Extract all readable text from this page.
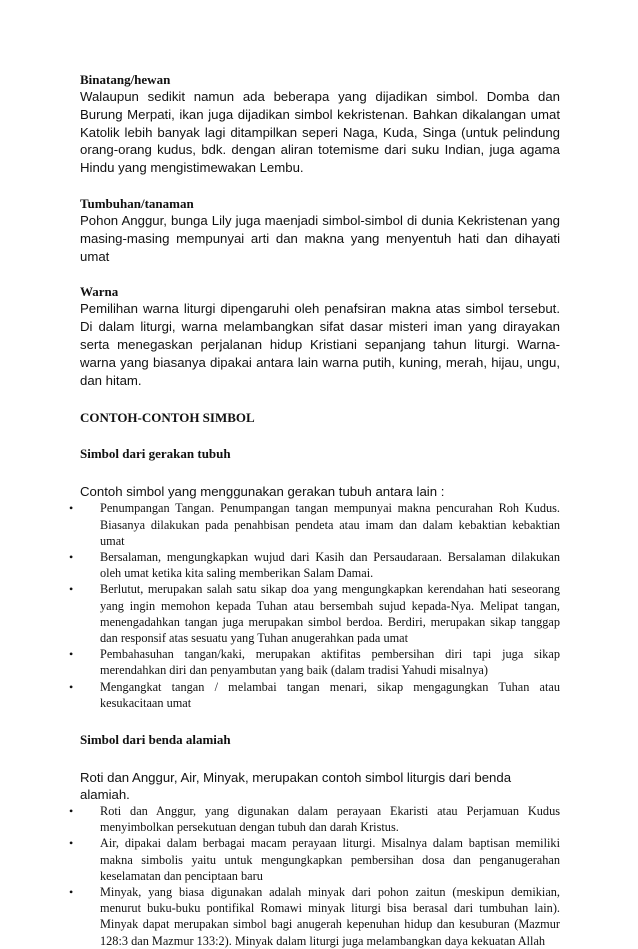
Binatang/hewan

Walaupun sedikit namun ada beberapa yang dijadikan simbol. Domba dan Burung Merpati, ikan juga dijadikan simbol kekristenan. Bahkan dikalangan umat Katolik lebih banyak lagi ditampilkan seperi Naga, Kuda, Singa (untuk pelindung orang-orang kudus, bdk. dengan aliran totemisme dari suku Indian, juga agama Hindu yang mengistimewakan Lembu.

Tumbuhan/tanaman

Pohon Anggur, bunga Lily juga maenjadi simbol-simbol di dunia Kekristenan yang masing-masing mempunyai arti dan makna yang menyentuh hati dan dihayati umat

Warna

Pemilihan warna liturgi dipengaruhi oleh penafsiran makna atas simbol tersebut. Di dalam liturgi, warna melambangkan sifat dasar misteri iman yang dirayakan serta menegaskan perjalanan hidup Kristiani sepanjang tahun liturgi. Warna-warna yang biasanya dipakai antara lain warna putih, kuning, merah, hijau, ungu, dan hitam.

CONTOH-CONTOH SIMBOL

Simbol dari gerakan tubuh

Contoh simbol yang menggunakan gerakan tubuh antara lain :

• Penumpangan Tangan. Penumpangan tangan mempunyai makna pencurahan Roh Kudus. Biasanya dilakukan pada penahbisan pendeta atau imam dan dalam kebaktian kebaktian umat
• Bersalaman, mengungkapkan wujud dari Kasih dan Persaudaraan. Bersalaman dilakukan oleh umat ketika kita saling memberikan Salam Damai.
• Berlutut, merupakan salah satu sikap doa yang mengungkapkan kerendahan hati seseorang yang ingin memohon kepada Tuhan atau bersembah sujud kepada-Nya. Melipat tangan, menengadahkan tangan juga merupakan simbol berdoa. Berdiri, merupakan sikap tanggap dan responsif atas sesuatu yang Tuhan anugerahkan pada umat
• Pembahasuhan tangan/kaki, merupakan aktifitas pembersihan diri tapi juga sikap merendahkan diri dan penyambutan yang baik (dalam tradisi Yahudi misalnya)
• Mengangkat tangan / melambai tangan menari, sikap mengagungkan Tuhan atau kesukacitaan umat

Simbol dari benda alamiah

Roti dan Anggur, Air, Minyak, merupakan contoh simbol liturgis dari benda alamiah.

• Roti dan Anggur, yang digunakan dalam perayaan Ekaristi atau Perjamuan Kudus menyimbolkan persekutuan dengan tubuh dan darah Kristus.
• Air, dipakai dalam berbagai macam perayaan liturgi. Misalnya dalam baptisan memiliki makna simbolis yaitu untuk mengungkapkan pembersihan dosa dan penganugerahan keselamatan dan penciptaan baru
• Minyak, yang biasa digunakan adalah minyak dari pohon zaitun (meskipun demikian, menurut buku-buku pontifikal Romawi minyak liturgi bisa berasal dari tumbuhan lain). Minyak dapat merupakan simbol bagi anugerah kepenuhan hidup dan kesuburan (Mazmur 128:3 dan Mazmur 133:2). Minyak dalam liturgi juga melambangkan daya kekuatan Allah
